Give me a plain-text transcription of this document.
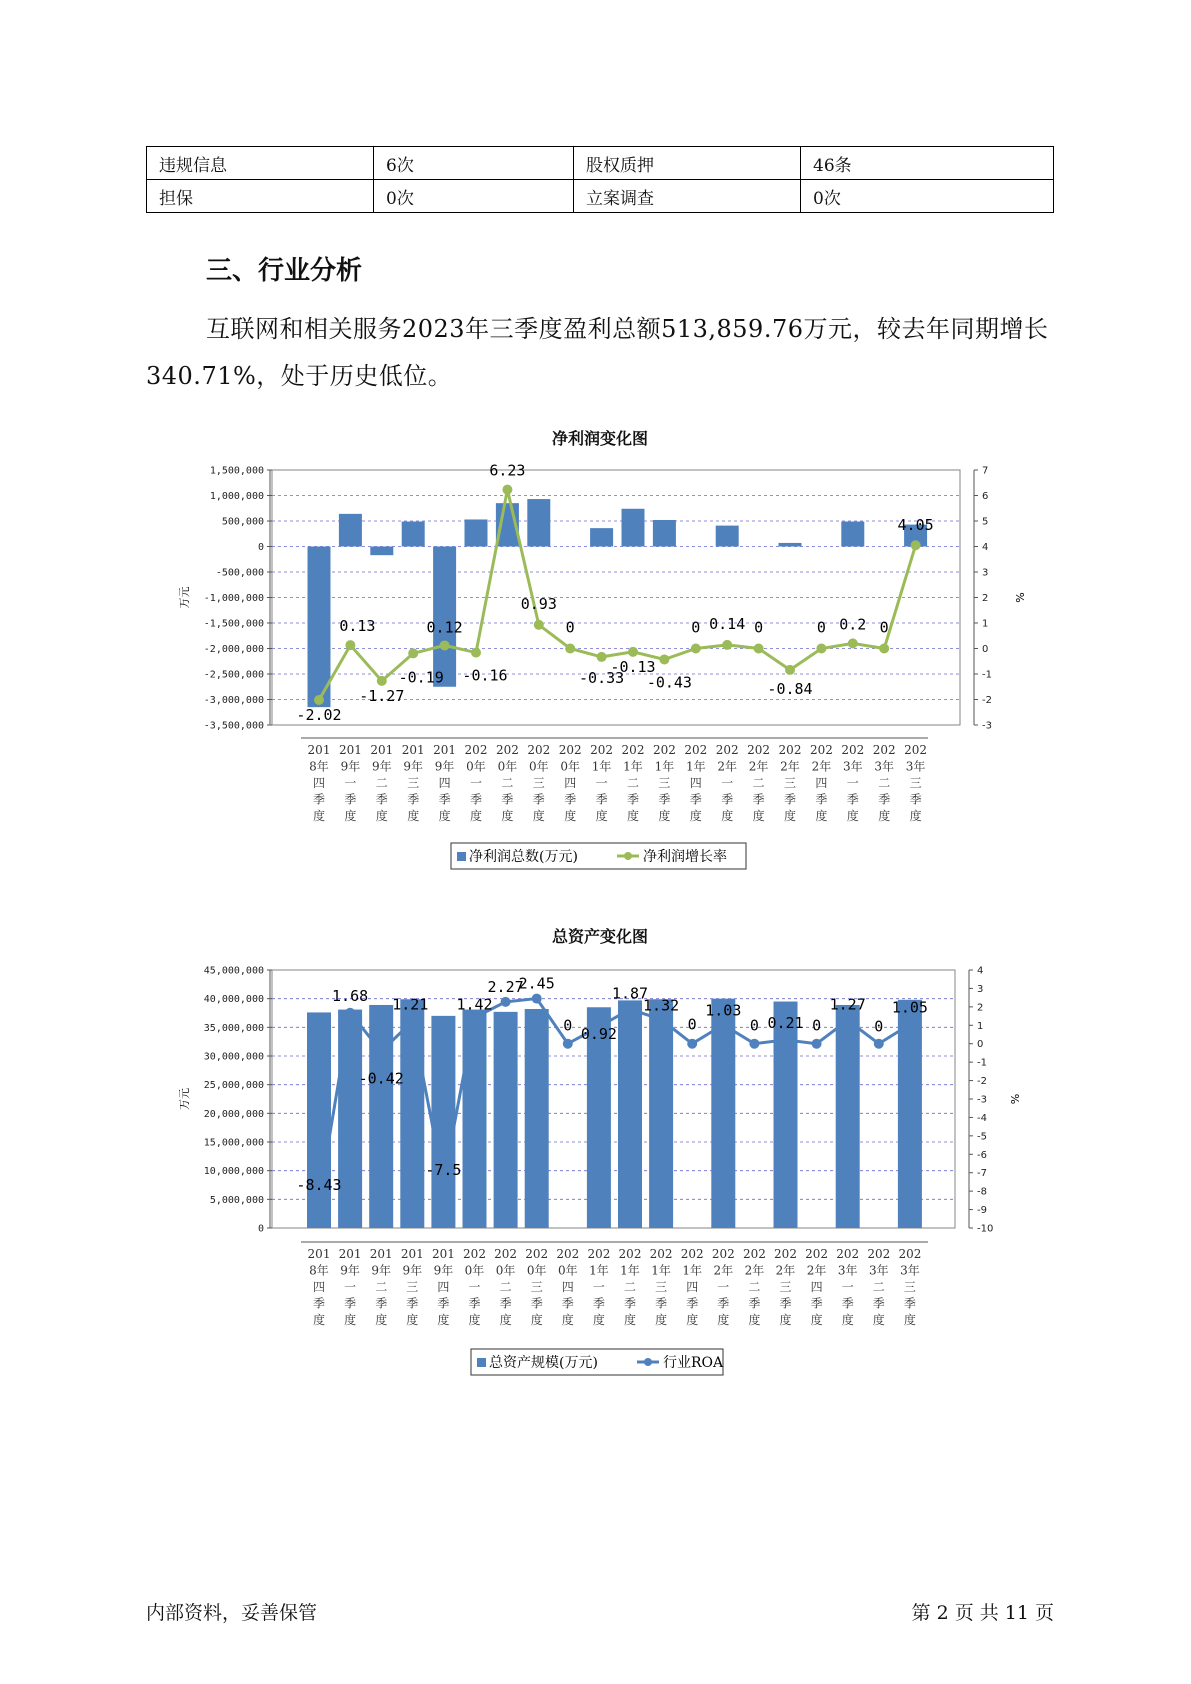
违规信息	6次	股权质押	46条
担保	0次	立案调查	0次
三、行业分析

互联网和相关服务2023年三季度盈利总额513,859.76万元，较去年同期增长340.71%，处于历史低位。

净利润变化图
1,500,000
1,000,000
500,000
0
-500,000
-1,000,000
-1,500,000
-2,000,000
-2,500,000
-3,000,000
-3,500,000
7
6
5
4
3
2
1
0
-1
-2
-3
万元	%
201 8年四季度
201 9年一季度
201 9年二季度
201 9年三季度
201 9年四季度
202 0年一季度
202 0年二季度
202 0年三季度
202 0年四季度
202 1年一季度
202 1年二季度
202 1年三季度
202 1年四季度
202 2年一季度
202 2年二季度
202 2年三季度
202 2年四季度
202 3年一季度
202 3年二季度
202 3年三季度
-2.02
0.13
-1.27
-0.19
0.12
-0.16
6.23
0.93
0
-0.33
-0.13
-0.43
0 0.14 0
-0.84
0 0.2 0
4.05
净利润总数(万元)	净利润增长率
总资产变化图
45,000,000
40,000,000
35,000,000
30,000,000
25,000,000
20,000,000
15,000,000
10,000,000
5,000,000
0
4
3
2
1
0
-1
-2
-3
-4
-5
-6
-7
-8
-9
-10
万元	%
201 8年四季度
201 9年一季度
201 9年二季度
201 9年三季度
201 9年四季度
202 0年一季度
202 0年二季度
202 0年三季度
202 0年四季度
202 1年一季度
202 1年二季度
202 1年三季度
202 1年四季度
202 2年一季度
202 2年二季度
202 2年三季度
202 2年四季度
202 3年一季度
202 3年二季度
202 3年三季度
-8.43
1.68
-0.42
1.21
-7.5
1.42
2.27
2.45
0 0.92
1.87
1.32
0
1.03
0 0.21 0
1.27
0
1.05
总资产规模(万元)	行业ROA
内部资料，妥善保管	第 2 页 共 11 页
